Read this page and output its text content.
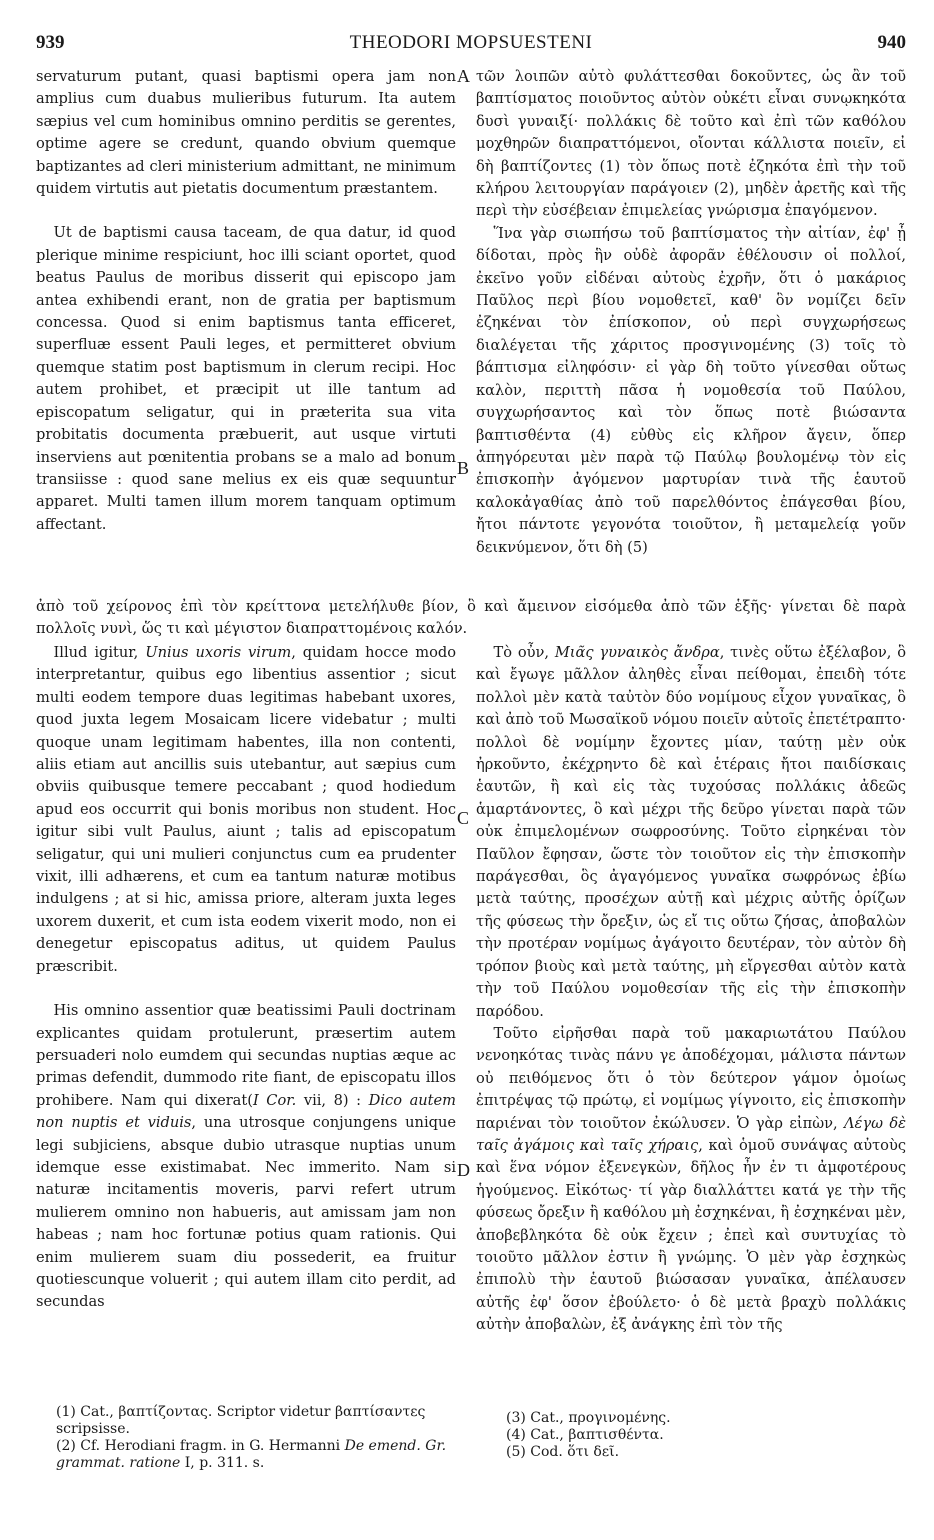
939	THEODORI MOPSUESTENI	940

servaturum putant, quasi baptismi opera jam non amplius cum duabus mulieribus futurum. Ita autem sæpius vel cum hominibus omnino perditis se gerentes, optime agere se credunt, quando obvium quemque baptizantes ad cleri ministerium admittant, ne minimum quidem virtutis aut pietatis documentum præstantem.

Ut de baptismi causa taceam, de qua datur, id quod plerique minime respiciunt, hoc illi sciant oportet, quod beatus Paulus de moribus disserit qui episcopo jam antea exhibendi erant, non de gratia per baptismum concessa. Quod si enim baptismus tanta efficeret, superfluæ essent Pauli leges, et permitteret obvium quemque statim post baptismum in clerum recipi. Hoc autem prohibet, et præcipit ut ille tantum ad episcopatum seligatur, qui in præterita sua vita probitatis documenta præbuerit, aut usque virtuti inserviens aut pœnitentia probans se a malo ad bonum transiisse : quod sane melius ex eis quæ sequuntur apparet. Multi tamen illum morem tanquam optimum affectant.

τῶν λοιπῶν αὐτὸ φυλάττεσθαι δοκοῦντες, ὡς ἂν τοῦ βαπτίσματος ποιοῦντος αὐτὸν οὐκέτι εἶναι συνῳκηκότα δυσὶ γυναιξί· πολλάκις δὲ τοῦτο καὶ ἐπὶ τῶν καθόλου μοχθηρῶν διαπραττόμενοι, οἴονται κάλλιστα ποιεῖν, εἰ δὴ βαπτίζοντες (1) τὸν ὅπως ποτὲ ἐζηκότα ἐπὶ τὴν τοῦ κλήρου λειτουργίαν παράγοιεν (2), μηδὲν ἀρετῆς καὶ τῆς περὶ τὴν εὐσέβειαν ἐπιμελείας γνώρισμα ἐπαγόμενον.

Ἵνα γὰρ σιωπήσω τοῦ βαπτίσματος τὴν αἰτίαν, ἐφ' ᾗ δίδοται, πρὸς ἣν οὐδὲ ἀφορᾶν ἐθέλουσιν οἱ πολλοί, ἐκεῖνο γοῦν εἰδέναι αὐτοὺς ἐχρῆν, ὅτι ὁ μακάριος Παῦλος περὶ βίου νομοθετεῖ, καθ' ὃν νομίζει δεῖν ἐζηκέναι τὸν ἐπίσκοπον, οὐ περὶ συγχωρήσεως διαλέγεται τῆς χάριτος προσγινομένης (3) τοῖς τὸ βάπτισμα εἰληφόσιν· εἰ γὰρ δὴ τοῦτο γίνεσθαι οὕτως καλὸν, περιττὴ πᾶσα ἡ νομοθεσία τοῦ Παύλου, συγχωρήσαντος καὶ τὸν ὅπως ποτὲ βιώσαντα βαπτισθέντα (4) εὐθὺς εἰς κλῆρον ἄγειν, ὅπερ ἀπηγόρευται μὲν παρὰ τῷ Παύλῳ βουλομένῳ τὸν εἰς ἐπισκοπὴν ἀγόμενον μαρτυρίαν τινὰ τῆς ἑαυτοῦ καλοκἀγαθίας ἀπὸ τοῦ παρελθόντος ἐπάγεσθαι βίου, ἤτοι πάντοτε γεγονότα τοιοῦτον, ἢ μεταμελείᾳ γοῦν δεικνύμενον, ὅτι δὴ (5)

A
B
C
D
ἀπὸ τοῦ χείρονος ἐπὶ τὸν κρείττονα μετελήλυθε βίον, ὃ καὶ ἄμεινον εἰσόμεθα ἀπὸ τῶν ἑξῆς· γίνεται δὲ παρὰ πολλοῖς νυνὶ, ὥς τι καὶ μέγιστον διαπραττομένοις καλόν.

Illud igitur, Unius uxoris virum, quidam hocce modo interpretantur, quibus ego libentius assentior ; sicut multi eodem tempore duas legitimas habebant uxores, quod juxta legem Mosaicam licere videbatur ; multi quoque unam legitimam habentes, illa non contenti, aliis etiam aut ancillis suis utebantur, aut sæpius cum obviis quibusque temere peccabant ; quod hodiedum apud eos occurrit qui bonis moribus non student. Hoc igitur sibi vult Paulus, aiunt ; talis ad episcopatum seligatur, qui uni mulieri conjunctus cum ea prudenter vixit, illi adhærens, et cum ea tantum naturæ motibus indulgens ; at si hic, amissa priore, alteram juxta leges uxorem duxerit, et cum ista eodem vixerit modo, non ei denegetur episcopatus aditus, ut quidem Paulus præscribit.

His omnino assentior quæ beatissimi Pauli doctrinam explicantes quidam protulerunt, præsertim autem persuaderi nolo eumdem qui secundas nuptias æque ac primas defendit, dummodo rite fiant, de episcopatu illos prohibere. Nam qui dixerat(I Cor. vii, 8) : Dico autem non nuptis et viduis, una utrosque conjungens unique legi subjiciens, absque dubio utrasque nuptias unum idemque esse existimabat. Nec immerito. Nam si naturæ incitamentis moveris, parvi refert utrum mulierem omnino non habueris, aut amissam jam non habeas ; nam hoc fortunæ potius quam rationis. Qui enim mulierem suam diu possederit, ea fruitur quotiescunque voluerit ; qui autem illam cito perdit, ad secundas

Τὸ οὖν, Μιᾶς γυναικὸς ἄνδρα, τινὲς οὕτω ἐξέλαβον, ὃ καὶ ἔγωγε μᾶλλον ἀληθὲς εἶναι πείθομαι, ἐπειδὴ τότε πολλοὶ μὲν κατὰ ταὐτὸν δύο νομίμους εἶχον γυναῖκας, ὃ καὶ ἀπὸ τοῦ Μωσαϊκοῦ νόμου ποιεῖν αὐτοῖς ἐπετέτραπτο· πολλοὶ δὲ νομίμην ἔχοντες μίαν, ταύτῃ μὲν οὐκ ἠρκοῦντο, ἐκέχρηντο δὲ καὶ ἑτέραις ἤτοι παιδίσκαις ἑαυτῶν, ἢ καὶ εἰς τὰς τυχούσας πολλάκις ἀδεῶς ἁμαρτάνοντες, ὃ καὶ μέχρι τῆς δεῦρο γίνεται παρὰ τῶν οὐκ ἐπιμελομένων σωφροσύνης. Τοῦτο εἰρηκέναι τὸν Παῦλον ἔφησαν, ὥστε τὸν τοιοῦτον εἰς τὴν ἐπισκοπὴν παράγεσθαι, ὃς ἀγαγόμενος γυναῖκα σωφρόνως ἐβίω μετὰ ταύτης, προσέχων αὐτῇ καὶ μέχρις αὐτῆς ὁρίζων τῆς φύσεως τὴν ὄρεξιν, ὡς εἴ τις οὕτω ζήσας, ἀποβαλὼν τὴν προτέραν νομίμως ἀγάγοιτο δευτέραν, τὸν αὐτὸν δὴ τρόπον βιοὺς καὶ μετὰ ταύτης, μὴ εἴργεσθαι αὐτὸν κατὰ τὴν τοῦ Παύλου νομοθεσίαν τῆς εἰς τὴν ἐπισκοπὴν παρόδου.

Τοῦτο εἰρῆσθαι παρὰ τοῦ μακαριωτάτου Παύλου νενοηκότας τινὰς πάνυ γε ἀποδέχομαι, μάλιστα πάντων οὐ πειθόμενος ὅτι ὁ τὸν δεύτερον γάμον ὁμοίως ἐπιτρέψας τῷ πρώτῳ, εἰ νομίμως γίγνοιτο, εἰς ἐπισκοπὴν παριέναι τὸν τοιοῦτον ἐκώλυσεν. Ὁ γὰρ εἰπὼν, Λέγω δὲ ταῖς ἀγάμοις καὶ ταῖς χήραις, καὶ ὁμοῦ συνάψας αὐτοὺς καὶ ἕνα νόμον ἐξενεγκὼν, δῆλος ἦν ἐν τι ἀμφοτέρους ἡγούμενος. Εἰκότως· τί γὰρ διαλλάττει κατά γε τὴν τῆς φύσεως ὄρεξιν ἢ καθόλου μὴ ἐσχηκέναι, ἢ ἐσχηκέναι μὲν, ἀποβεβληκότα δὲ οὐκ ἔχειν ; ἐπεὶ καὶ συντυχίας τὸ τοιοῦτο μᾶλλον ἐστιν ἢ γνώμης. Ὁ μὲν γὰρ ἐσχηκὼς ἐπιπολὺ τὴν ἑαυτοῦ βιώσασαν γυναῖκα, ἀπέλαυσεν αὐτῆς ἐφ' ὅσον ἐβούλετο· ὁ δὲ μετὰ βραχὺ πολλάκις αὐτὴν ἀποβαλὼν, ἐξ ἀνάγκης ἐπὶ τὸν τῆς

(1) Cat., βαπτίζοντας. Scriptor videtur βαπτίσαντες scripsisse.
(2) Cf. Herodiani fragm. in G. Hermanni De emend. Gr. grammat. ratione I, p. 311. s.
(3) Cat., προγινομένης.
(4) Cat., βαπτισθέντα.
(5) Cod. ὅτι δεῖ.
